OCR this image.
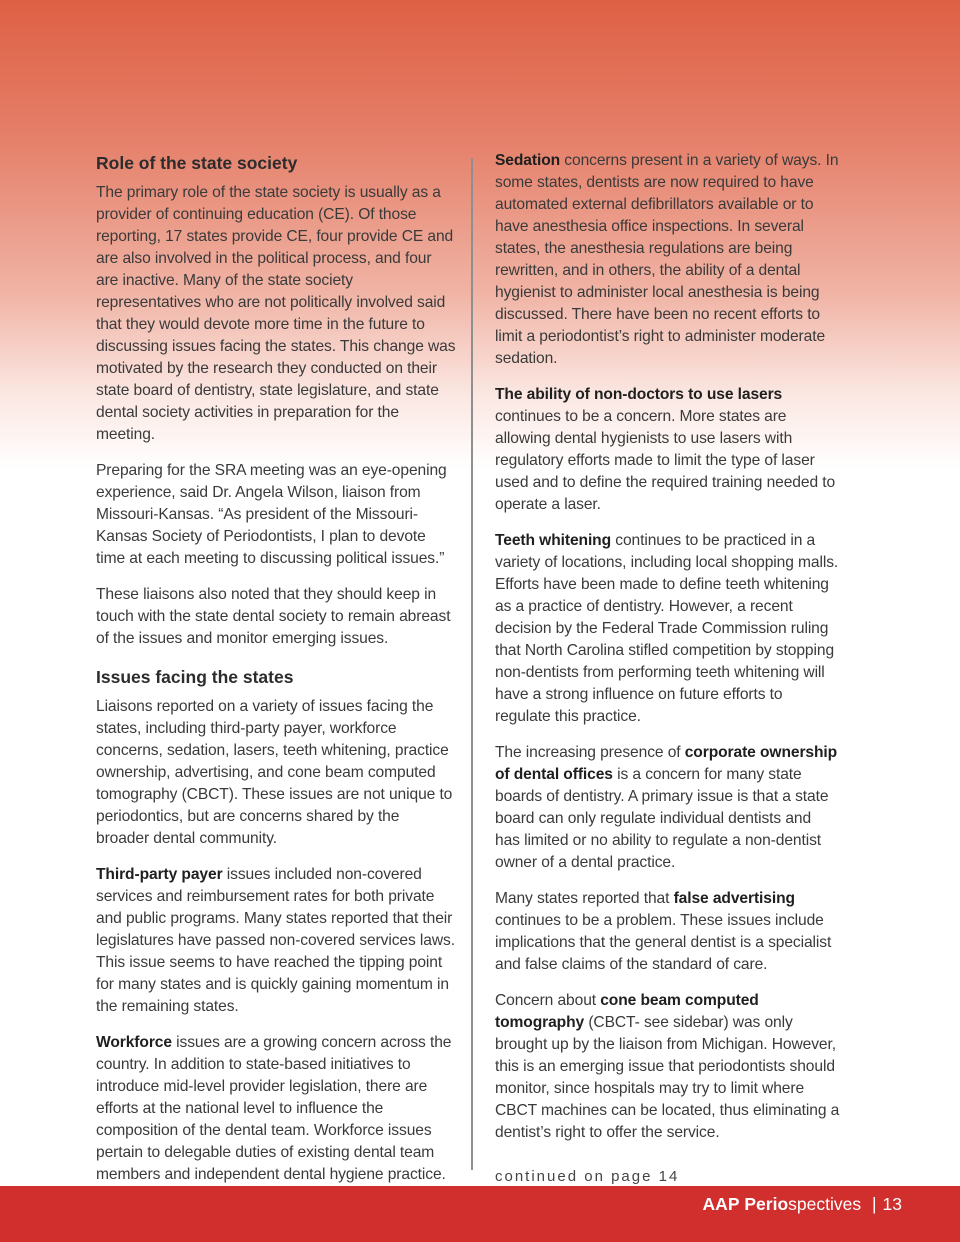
Role of the state society

The primary role of the state society is usually as a provider of continuing education (CE). Of those reporting, 17 states provide CE, four provide CE and are also involved in the political process, and four are inactive. Many of the state society representatives who are not politically involved said that they would devote more time in the future to discussing issues facing the states. This change was motivated by the research they conducted on their state board of dentistry, state legislature, and state dental society activities in preparation for the meeting.

Preparing for the SRA meeting was an eye-opening experience, said Dr. Angela Wilson, liaison from Missouri-Kansas. “As president of the Missouri-Kansas Society of Periodontists, I plan to devote time at each meeting to discussing political issues.”

These liaisons also noted that they should keep in touch with the state dental society to remain abreast of the issues and monitor emerging issues.

Issues facing the states

Liaisons reported on a variety of issues facing the states, including third-party payer, workforce concerns, sedation, lasers, teeth whitening, practice ownership, advertising, and cone beam computed tomography (CBCT). These issues are not unique to periodontics, but are concerns shared by the broader dental community.

Third-party payer issues included non-covered services and reimbursement rates for both private and public programs. Many states reported that their legislatures have passed non-covered services laws. This issue seems to have reached the tipping point for many states and is quickly gaining momentum in the remaining states.

Workforce issues are a growing concern across the country. In addition to state-based initiatives to introduce mid-level provider legislation, there are efforts at the national level to influence the composition of the dental team. Workforce issues pertain to delegable duties of existing dental team members and independent dental hygiene practice.

Sedation concerns present in a variety of ways. In some states, dentists are now required to have automated external defibrillators available or to have anesthesia office inspections. In several states, the anesthesia regulations are being rewritten, and in others, the ability of a dental hygienist to administer local anesthesia is being discussed. There have been no recent efforts to limit a periodontist’s right to administer moderate sedation.

The ability of non-doctors to use lasers continues to be a concern. More states are allowing dental hygienists to use lasers with regulatory efforts made to limit the type of laser used and to define the required training needed to operate a laser.

Teeth whitening continues to be practiced in a variety of locations, including local shopping malls. Efforts have been made to define teeth whitening as a practice of dentistry. However, a recent decision by the Federal Trade Commission ruling that North Carolina stifled competition by stopping non-dentists from performing teeth whitening will have a strong influence on future efforts to regulate this practice.

The increasing presence of corporate ownership of dental offices is a concern for many state boards of dentistry. A primary issue is that a state board can only regulate individual dentists and has limited or no ability to regulate a non-dentist owner of a dental practice.

Many states reported that false advertising continues to be a problem. These issues include implications that the general dentist is a specialist and false claims of the standard of care.

Concern about cone beam computed tomography (CBCT- see sidebar) was only brought up by the liaison from Michigan. However, this is an emerging issue that periodontists should monitor, since hospitals may try to limit where CBCT machines can be located, thus eliminating a dentist’s right to offer the service.

continued on page 14
AAP Periospectives | 13
